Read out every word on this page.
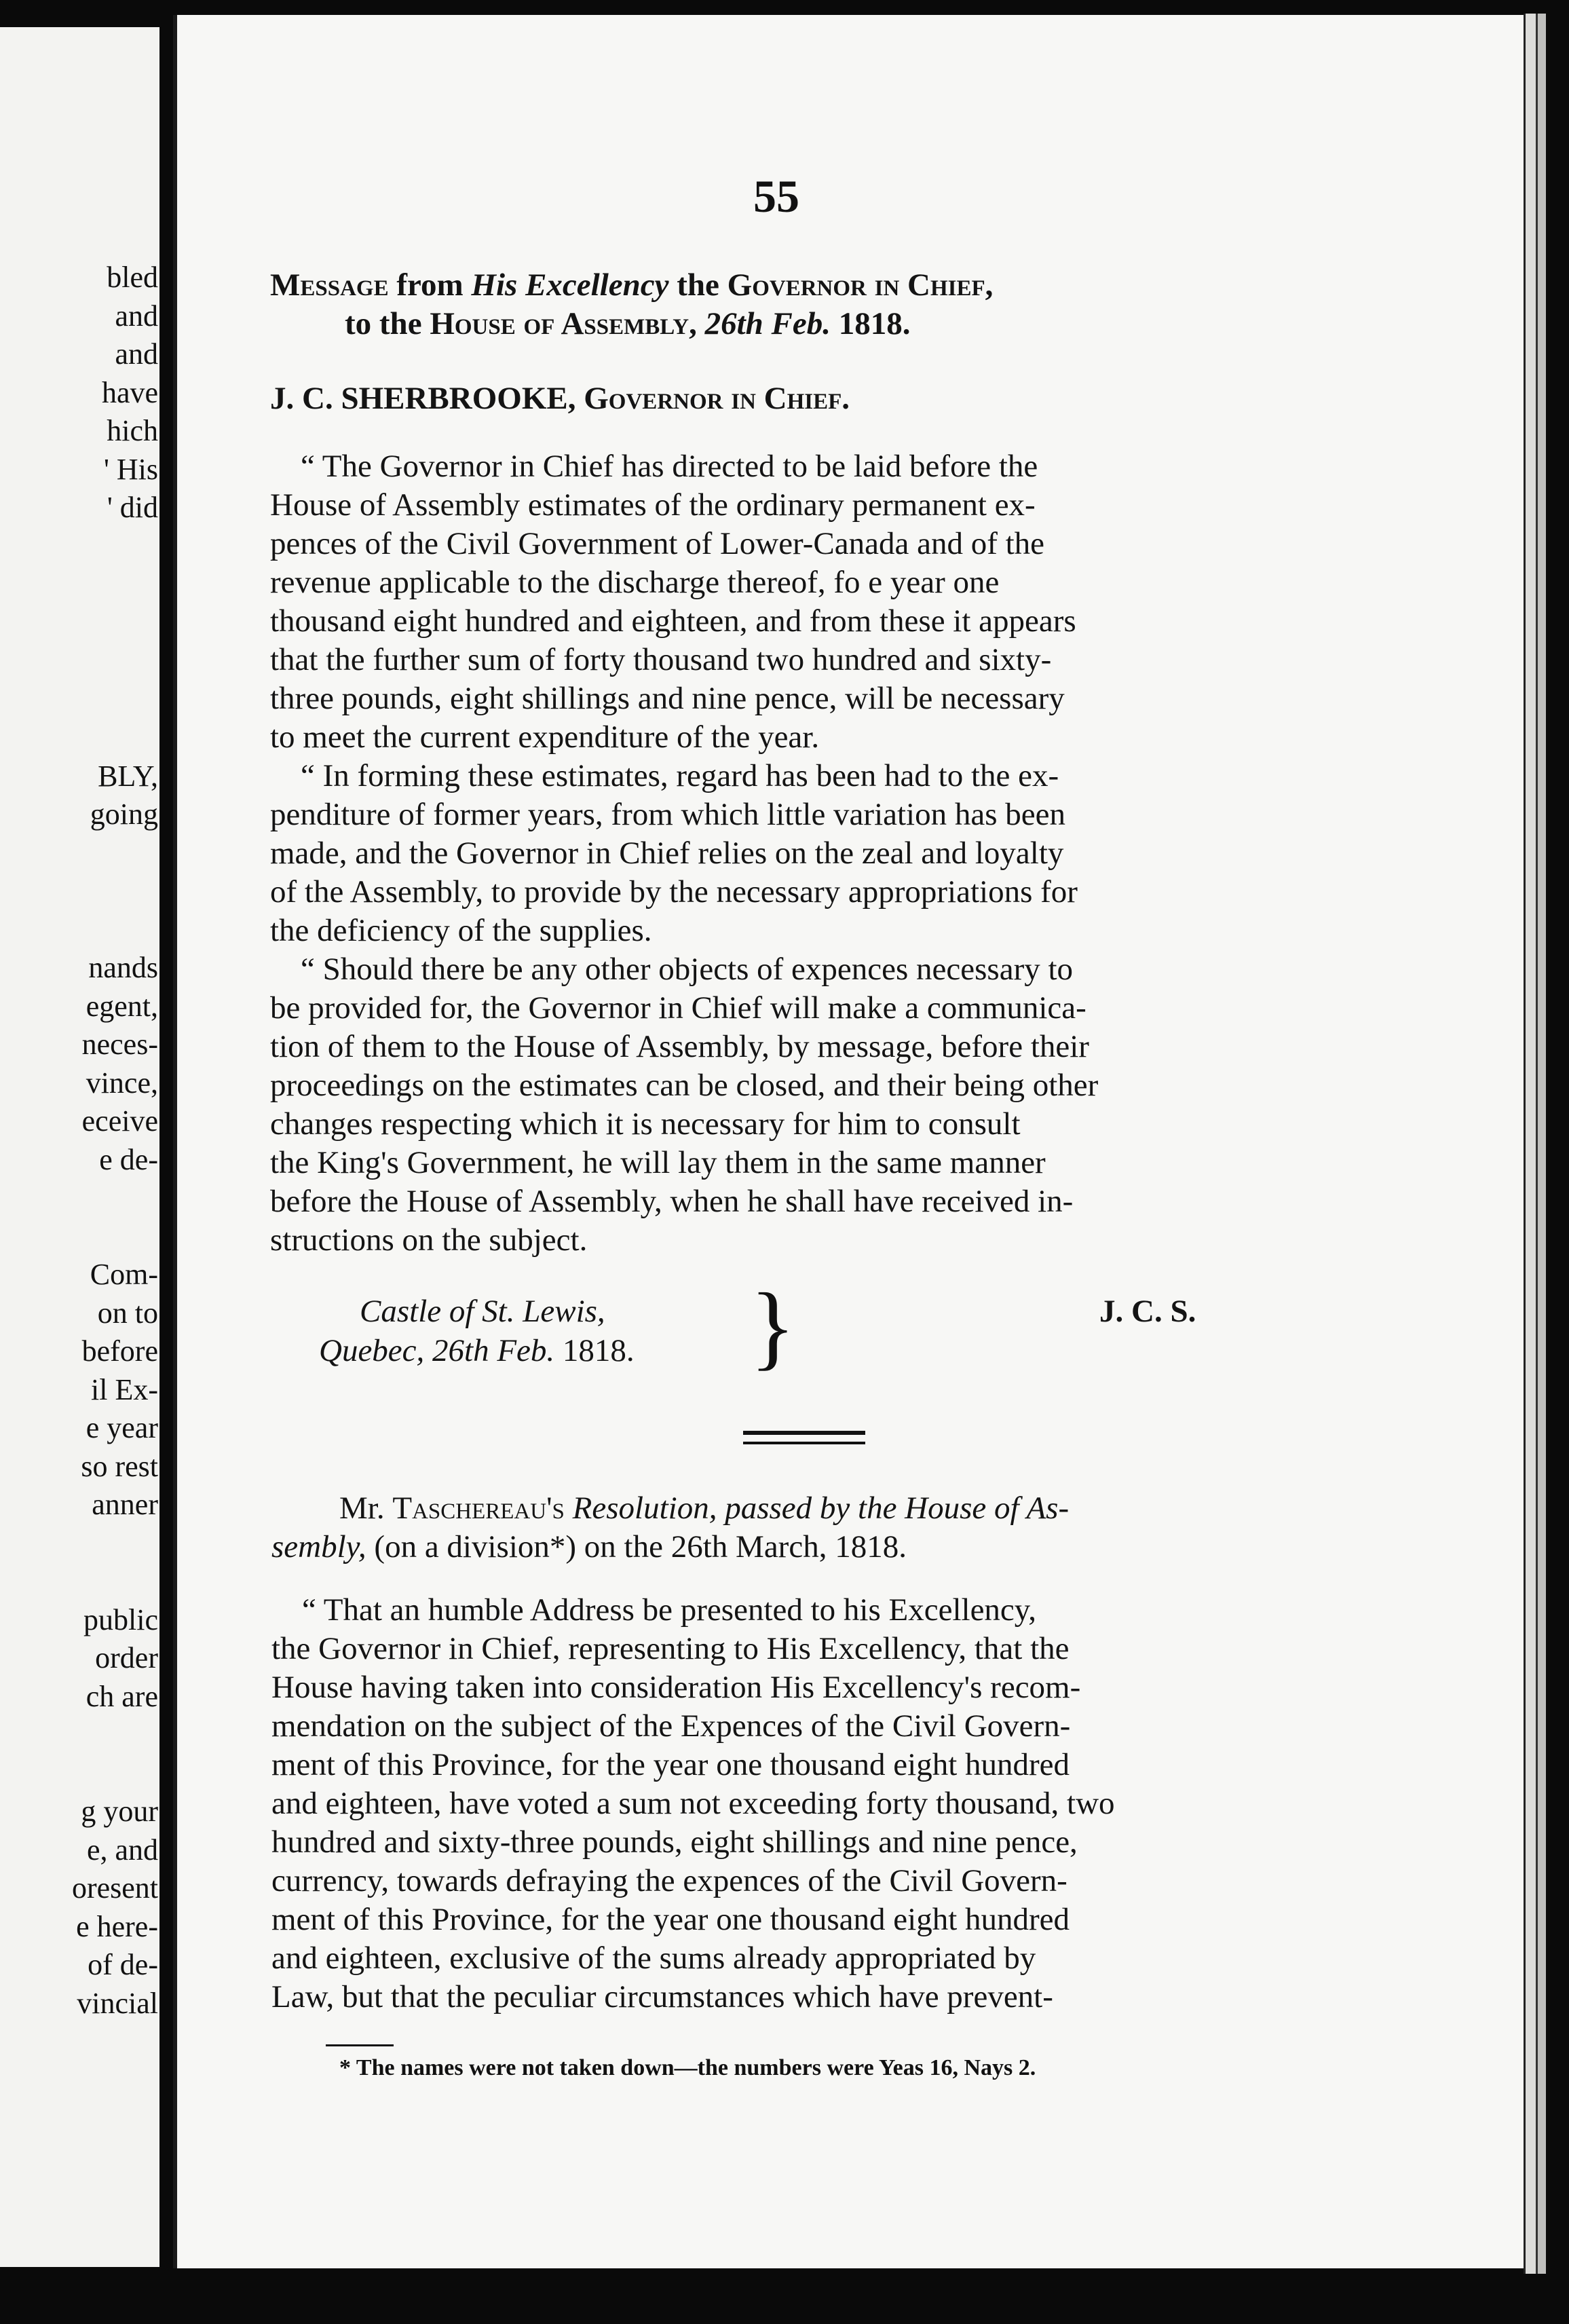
bled
and
and
have
hich
' His
' did
BLY,
going
nands
egent,
neces-
vince,
eceive
e de-
Com-
on to
before
il Ex-
e year
so rest
anner
public
order
ch are
g your
e, and
oresent
e here-
of de-
vincial
55
Message from His Excellency the Governor in Chief,
to the House of Assembly, 26th Feb. 1818.
J. C. SHERBROOKE, Governor in Chief.
“ The Governor in Chief has directed to be laid before the
House of Assembly estimates of the ordinary permanent ex-
pences of the Civil Government of Lower-Canada and of the
revenue applicable to the discharge thereof, fo e year one
thousand eight hundred and eighteen, and from these it appears
that the further sum of forty thousand two hundred and sixty-
three pounds, eight shillings and nine pence, will be necessary
to meet the current expenditure of the year.
“ In forming these estimates, regard has been had to the ex-
penditure of former years, from which little variation has been
made, and the Governor in Chief relies on the zeal and loyalty
of the Assembly, to provide by the necessary appropriations for
the deficiency of the supplies.
“ Should there be any other objects of expences necessary to
be provided for, the Governor in Chief will make a communica-
tion of them to the House of Assembly, by message, before their
proceedings on the estimates can be closed, and their being other
changes respecting which it is necessary for him to consult
the King's Government, he will lay them in the same manner
before the House of Assembly, when he shall have received in-
structions on the subject.
Castle of St. Lewis,
Quebec, 26th Feb. 1818.
J. C. S.
}
Mr. Taschereau's Resolution, passed by the House of As-
sembly, (on a division*) on the 26th March, 1818.
“ That an humble Address be presented to his Excellency,
the Governor in Chief, representing to His Excellency, that the
House having taken into consideration His Excellency's recom-
mendation on the subject of the Expences of the Civil Govern-
ment of this Province, for the year one thousand eight hundred
and eighteen, have voted a sum not exceeding forty thousand, two
hundred and sixty-three pounds, eight shillings and nine pence,
currency, towards defraying the expences of the Civil Govern-
ment of this Province, for the year one thousand eight hundred
and eighteen, exclusive of the sums already appropriated by
Law, but that the peculiar circumstances which have prevent-
* The names were not taken down—the numbers were Yeas 16, Nays 2.
